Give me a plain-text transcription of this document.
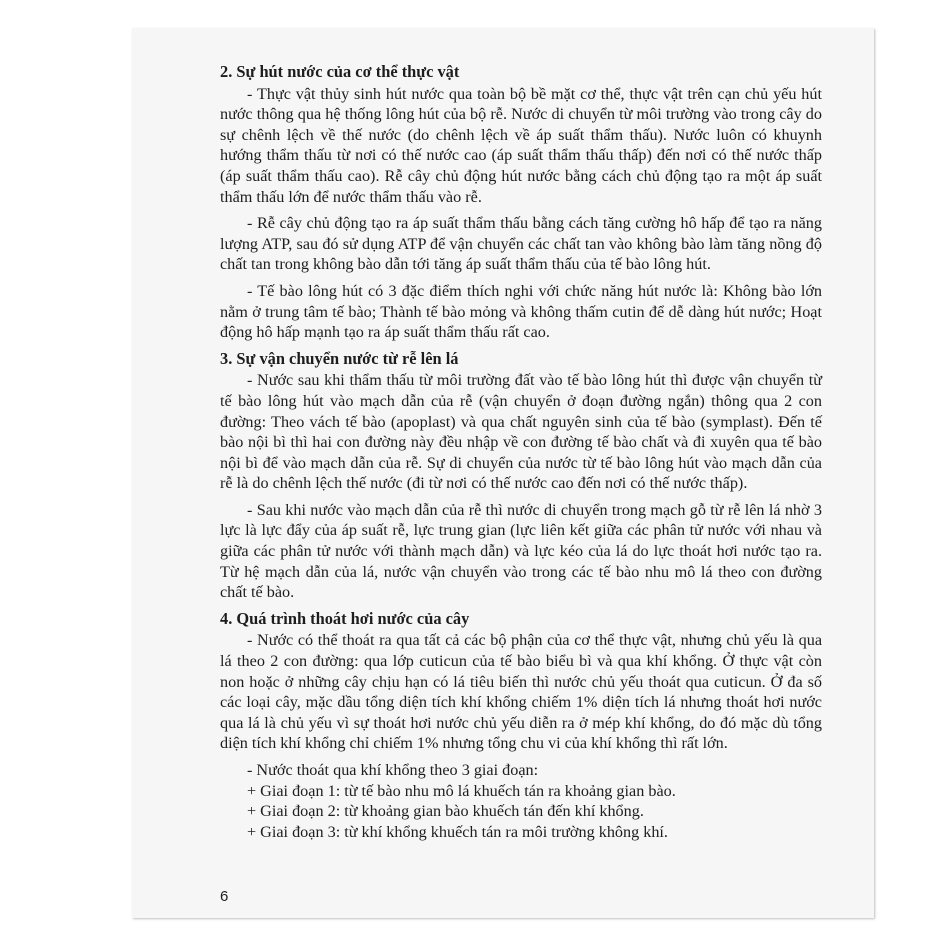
2. Sự hút nước của cơ thể thực vật

- Thực vật thủy sinh hút nước qua toàn bộ bề mặt cơ thể, thực vật trên cạn chủ yếu hút nước thông qua hệ thống lông hút của bộ rễ. Nước di chuyển từ môi trường vào trong cây do sự chênh lệch về thế nước (do chênh lệch về áp suất thẩm thấu). Nước luôn có khuynh hướng thẩm thấu từ nơi có thế nước cao (áp suất thẩm thấu thấp) đến nơi có thế nước thấp (áp suất thẩm thấu cao). Rễ cây chủ động hút nước bằng cách chủ động tạo ra một áp suất thẩm thấu lớn để nước thẩm thấu vào rễ.

- Rễ cây chủ động tạo ra áp suất thẩm thấu bằng cách tăng cường hô hấp để tạo ra năng lượng ATP, sau đó sử dụng ATP để vận chuyển các chất tan vào không bào làm tăng nồng độ chất tan trong không bào dẫn tới tăng áp suất thẩm thấu của tế bào lông hút.

- Tế bào lông hút có 3 đặc điểm thích nghi với chức năng hút nước là: Không bào lớn nằm ở trung tâm tế bào; Thành tế bào mỏng và không thấm cutin để dễ dàng hút nước; Hoạt động hô hấp mạnh tạo ra áp suất thẩm thấu rất cao.

3. Sự vận chuyển nước từ rễ lên lá

- Nước sau khi thẩm thấu từ môi trường đất vào tế bào lông hút thì được vận chuyển từ tế bào lông hút vào mạch dẫn của rễ (vận chuyển ở đoạn đường ngắn) thông qua 2 con đường: Theo vách tế bào (apoplast) và qua chất nguyên sinh của tế bào (symplast). Đến tế bào nội bì thì hai con đường này đều nhập về con đường tế bào chất và đi xuyên qua tế bào nội bì để vào mạch dẫn của rễ. Sự di chuyển của nước từ tế bào lông hút vào mạch dẫn của rễ là do chênh lệch thế nước (đi từ nơi có thế nước cao đến nơi có thế nước thấp).

- Sau khi nước vào mạch dẫn của rễ thì nước di chuyển trong mạch gỗ từ rễ lên lá nhờ 3 lực là lực đẩy của áp suất rễ, lực trung gian (lực liên kết giữa các phân tử nước với nhau và giữa các phân tử nước với thành mạch dẫn) và lực kéo của lá do lực thoát hơi nước tạo ra. Từ hệ mạch dẫn của lá, nước vận chuyển vào trong các tế bào nhu mô lá theo con đường chất tế bào.

4. Quá trình thoát hơi nước của cây

- Nước có thể thoát ra qua tất cả các bộ phận của cơ thể thực vật, nhưng chủ yếu là qua lá theo 2 con đường: qua lớp cuticun của tế bào biểu bì và qua khí khổng. Ở thực vật còn non hoặc ở những cây chịu hạn có lá tiêu biến thì nước chủ yếu thoát qua cuticun. Ở đa số các loại cây, mặc dầu tổng diện tích khí khổng chiếm 1% diện tích lá nhưng thoát hơi nước qua lá là chủ yếu vì sự thoát hơi nước chủ yếu diễn ra ở mép khí khổng, do đó mặc dù tổng diện tích khí khổng chỉ chiếm 1% nhưng tổng chu vi của khí khổng thì rất lớn.

- Nước thoát qua khí khổng theo 3 giai đoạn:

+ Giai đoạn 1: từ tế bào nhu mô lá khuếch tán ra khoảng gian bào.

+ Giai đoạn 2: từ khoảng gian bào khuếch tán đến khí khổng.

+ Giai đoạn 3: từ khí khổng khuếch tán ra môi trường không khí.

6
